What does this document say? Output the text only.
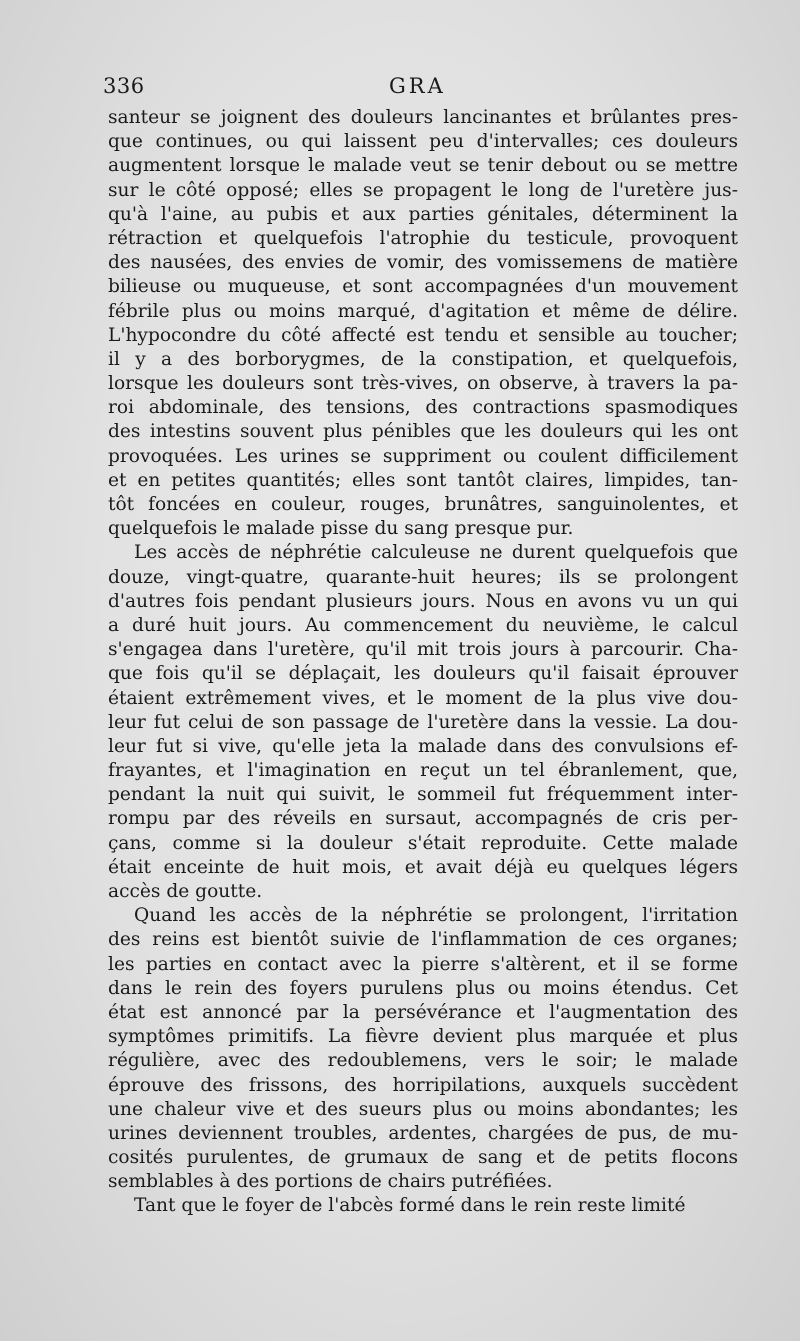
336	GRA
santeur se joignent des douleurs lancinantes et brûlantes pres-
que continues, ou qui laissent peu d'intervalles; ces douleurs
augmentent lorsque le malade veut se tenir debout ou se mettre
sur le côté opposé; elles se propagent le long de l'uretère jus-
qu'à l'aine, au pubis et aux parties génitales, déterminent la
rétraction et quelquefois l'atrophie du testicule, provoquent
des nausées, des envies de vomir, des vomissemens de matière
bilieuse ou muqueuse, et sont accompagnées d'un mouvement
fébrile plus ou moins marqué, d'agitation et même de délire.
L'hypocondre du côté affecté est tendu et sensible au toucher;
il y a des borborygmes, de la constipation, et quelquefois,
lorsque les douleurs sont très-vives, on observe, à travers la pa-
roi abdominale, des tensions, des contractions spasmodiques
des intestins souvent plus pénibles que les douleurs qui les ont
provoquées. Les urines se suppriment ou coulent difficilement
et en petites quantités; elles sont tantôt claires, limpides, tan-
tôt foncées en couleur, rouges, brunâtres, sanguinolentes, et
quelquefois le malade pisse du sang presque pur.
Les accès de néphrétie calculeuse ne durent quelquefois que
douze, vingt-quatre, quarante-huit heures; ils se prolongent
d'autres fois pendant plusieurs jours. Nous en avons vu un qui
a duré huit jours. Au commencement du neuvième, le calcul
s'engagea dans l'uretère, qu'il mit trois jours à parcourir. Cha-
que fois qu'il se déplaçait, les douleurs qu'il faisait éprouver
étaient extrêmement vives, et le moment de la plus vive dou-
leur fut celui de son passage de l'uretère dans la vessie. La dou-
leur fut si vive, qu'elle jeta la malade dans des convulsions ef-
frayantes, et l'imagination en reçut un tel ébranlement, que,
pendant la nuit qui suivit, le sommeil fut fréquemment inter-
rompu par des réveils en sursaut, accompagnés de cris per-
çans, comme si la douleur s'était reproduite. Cette malade
était enceinte de huit mois, et avait déjà eu quelques légers
accès de goutte.
Quand les accès de la néphrétie se prolongent, l'irritation
des reins est bientôt suivie de l'inflammation de ces organes;
les parties en contact avec la pierre s'altèrent, et il se forme
dans le rein des foyers purulens plus ou moins étendus. Cet
état est annoncé par la persévérance et l'augmentation des
symptômes primitifs. La fièvre devient plus marquée et plus
régulière, avec des redoublemens, vers le soir; le malade
éprouve des frissons, des horripilations, auxquels succèdent
une chaleur vive et des sueurs plus ou moins abondantes; les
urines deviennent troubles, ardentes, chargées de pus, de mu-
cosités purulentes, de grumaux de sang et de petits flocons
semblables à des portions de chairs putréfiées.
Tant que le foyer de l'abcès formé dans le rein reste limité
